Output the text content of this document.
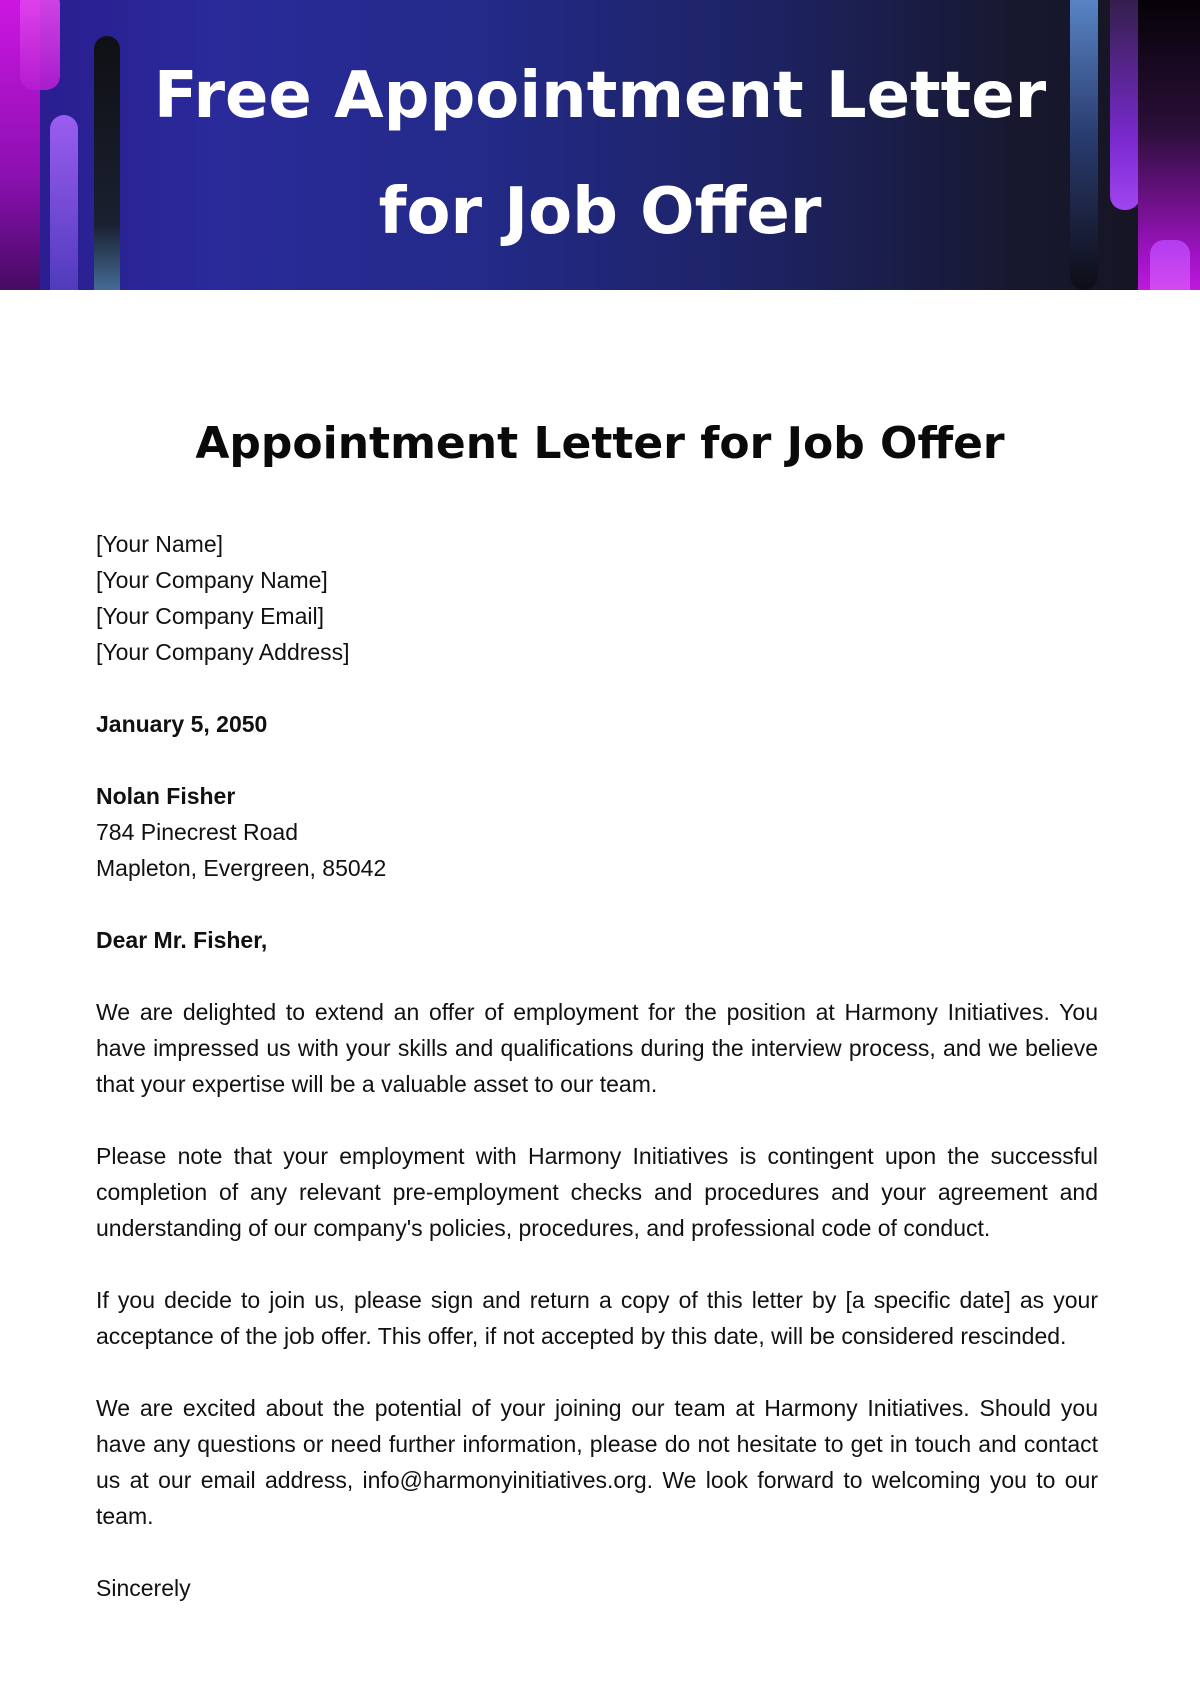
Free Appointment Letter
for Job Offer
Appointment Letter for Job Offer
[Your Name]
[Your Company Name]
[Your Company Email]
[Your Company Address]

January 5, 2050

Nolan Fisher
784 Pinecrest Road
Mapleton, Evergreen, 85042

Dear Mr. Fisher,

We are delighted to extend an offer of employment for the position at Harmony Initiatives. You have impressed us with your skills and qualifications during the interview process, and we believe that your expertise will be a valuable asset to our team.

Please note that your employment with Harmony Initiatives is contingent upon the successful completion of any relevant pre-employment checks and procedures and your agreement and understanding of our company's policies, procedures, and professional code of conduct.

If you decide to join us, please sign and return a copy of this letter by [a specific date] as your acceptance of the job offer. This offer, if not accepted by this date, will be considered rescinded.

We are excited about the potential of your joining our team at Harmony Initiatives. Should you have any questions or need further information, please do not hesitate to get in touch and contact us at our email address, info@harmonyinitiatives.org. We look forward to welcoming you to our team.

Sincerely
